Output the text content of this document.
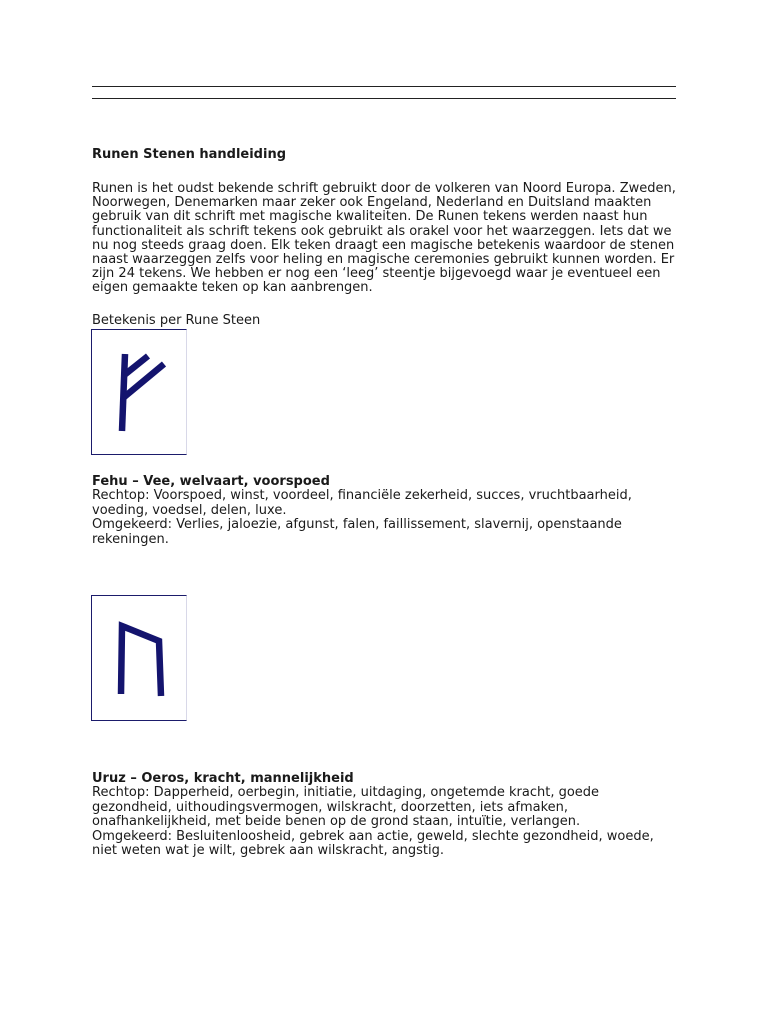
Runen Stenen handleiding

Runen is het oudst bekende schrift gebruikt door de volkeren van Noord Europa. Zweden,
Noorwegen, Denemarken maar zeker ook Engeland, Nederland en Duitsland maakten
gebruik van dit schrift met magische kwaliteiten. De Runen tekens werden naast hun
functionaliteit als schrift tekens ook gebruikt als orakel voor het waarzeggen. Iets dat we
nu nog steeds graag doen. Elk teken draagt een magische betekenis waardoor de stenen
naast waarzeggen zelfs voor heling en magische ceremonies gebruikt kunnen worden. Er
zijn 24 tekens. We hebben er nog een ‘leeg’ steentje bijgevoegd waar je eventueel een
eigen gemaakte teken op kan aanbrengen.

Betekenis per Rune Steen

Fehu – Vee, welvaart, voorspoed
Rechtop: Voorspoed, winst, voordeel, financiële zekerheid, succes, vruchtbaarheid,
voeding, voedsel, delen, luxe.
Omgekeerd: Verlies, jaloezie, afgunst, falen, faillissement, slavernij, openstaande
rekeningen.
Uruz – Oeros, kracht, mannelijkheid
Rechtop: Dapperheid, oerbegin, initiatie, uitdaging, ongetemde kracht, goede
gezondheid, uithoudingsvermogen, wilskracht, doorzetten, iets afmaken,
onafhankelijkheid, met beide benen op de grond staan, intuïtie, verlangen.
Omgekeerd: Besluitenloosheid, gebrek aan actie, geweld, slechte gezondheid, woede,
niet weten wat je wilt, gebrek aan wilskracht, angstig.
